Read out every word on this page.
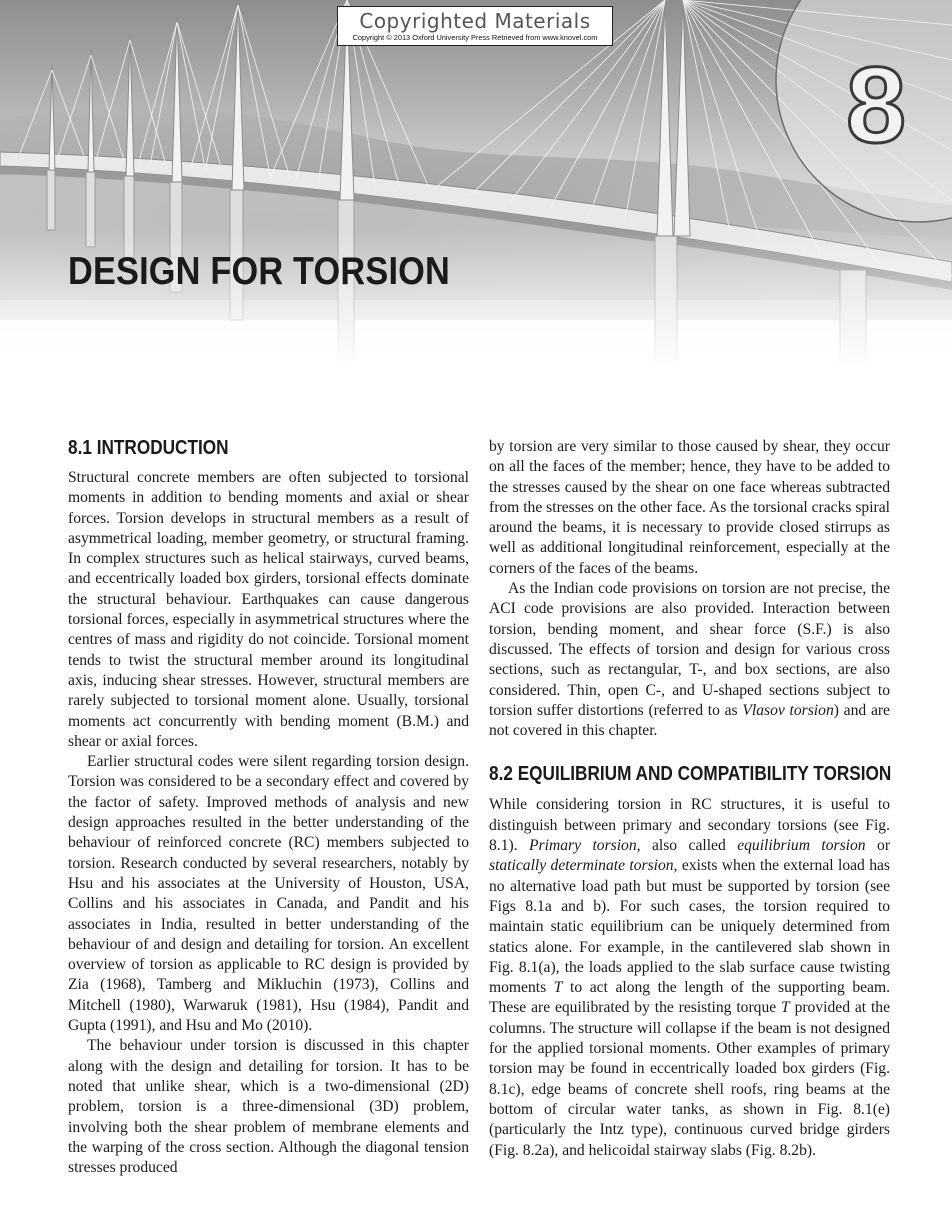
Copyrighted Materials
Copyright © 2013 Oxford University Press Retrieved from www.knovel.com
8
DESIGN FOR TORSION
8.1 INTRODUCTION

Structural concrete members are often subjected to torsional moments in addition to bending moments and axial or shear forces. Torsion develops in structural members as a result of asymmetrical loading, member geometry, or structural framing. In complex structures such as helical stairways, curved beams, and eccentrically loaded box girders, torsional effects dominate the structural behaviour. Earthquakes can cause dangerous torsional forces, especially in asymmetrical structures where the centres of mass and rigidity do not coincide. Torsional moment tends to twist the structural member around its longitudinal axis, inducing shear stresses. However, structural members are rarely subjected to torsional moment alone. Usually, torsional moments act concurrently with bending moment (B.M.) and shear or axial forces.

Earlier structural codes were silent regarding torsion design. Torsion was considered to be a secondary effect and covered by the factor of safety. Improved methods of analysis and new design approaches resulted in the better understanding of the behaviour of reinforced concrete (RC) members subjected to torsion. Research conducted by several researchers, notably by Hsu and his associates at the University of Houston, USA, Collins and his associates in Canada, and Pandit and his associates in India, resulted in better understanding of the behaviour of and design and detailing for torsion. An excellent overview of torsion as applicable to RC design is provided by Zia (1968), Tamberg and Mikluchin (1973), Collins and Mitchell (1980), Warwaruk (1981), Hsu (1984), Pandit and Gupta (1991), and Hsu and Mo (2010).

The behaviour under torsion is discussed in this chapter along with the design and detailing for torsion. It has to be noted that unlike shear, which is a two-dimensional (2D) problem, torsion is a three-dimensional (3D) problem, involving both the shear problem of membrane elements and the warping of the cross section. Although the diagonal tension stresses produced

by torsion are very similar to those caused by shear, they occur on all the faces of the member; hence, they have to be added to the stresses caused by the shear on one face whereas subtracted from the stresses on the other face. As the torsional cracks spiral around the beams, it is necessary to provide closed stirrups as well as additional longitudinal reinforcement, especially at the corners of the faces of the beams.

As the Indian code provisions on torsion are not precise, the ACI code provisions are also provided. Interaction between torsion, bending moment, and shear force (S.F.) is also discussed. The effects of torsion and design for various cross sections, such as rectangular, T-, and box sections, are also considered. Thin, open C-, and U-shaped sections subject to torsion suffer distortions (referred to as Vlasov torsion) and are not covered in this chapter.

8.2 EQUILIBRIUM AND COMPATIBILITY TORSION

While considering torsion in RC structures, it is useful to distinguish between primary and secondary torsions (see Fig. 8.1). Primary torsion, also called equilibrium torsion or statically determinate torsion, exists when the external load has no alternative load path but must be supported by torsion (see Figs 8.1a and b). For such cases, the torsion required to maintain static equilibrium can be uniquely determined from statics alone. For example, in the cantilevered slab shown in Fig. 8.1(a), the loads applied to the slab surface cause twisting moments T to act along the length of the supporting beam. These are equilibrated by the resisting torque T provided at the columns. The structure will collapse if the beam is not designed for the applied torsional moments. Other examples of primary torsion may be found in eccentrically loaded box girders (Fig. 8.1c), edge beams of concrete shell roofs, ring beams at the bottom of circular water tanks, as shown in Fig. 8.1(e) (particularly the Intz type), continuous curved bridge girders (Fig. 8.2a), and helicoidal stairway slabs (Fig. 8.2b).
